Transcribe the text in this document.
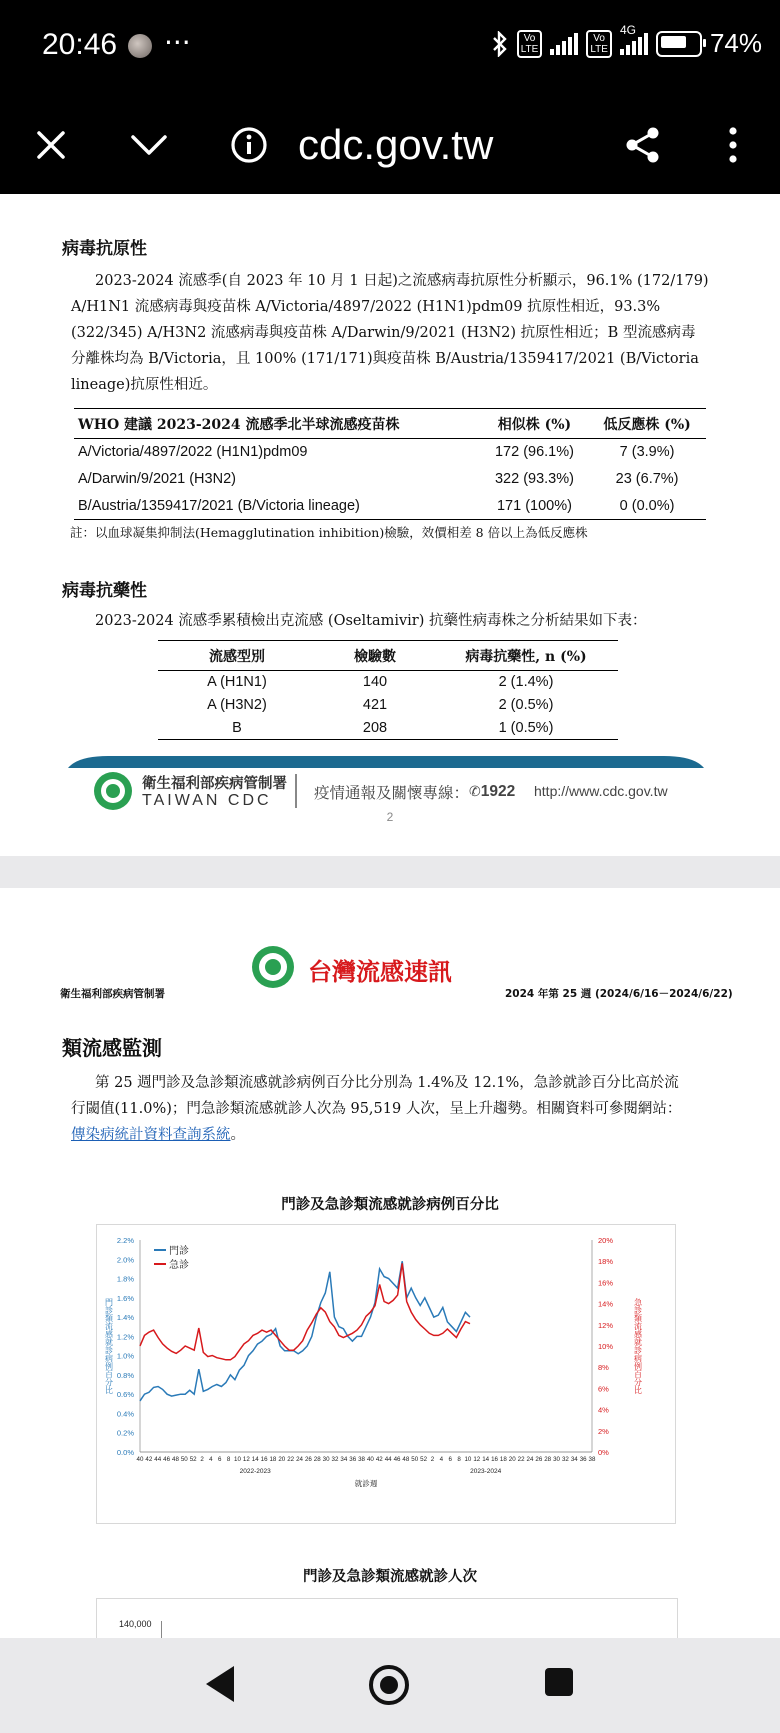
20:46 ···	Vo
LTE
Vo
LTE
4G	74%
cdc.gov.tw
病毒抗原性
2023-2024 流感季(自 2023 年 10 月 1 日起)之流感病毒抗原性分析顯示，96.1% (172/179)
A/H1N1 流感病毒與疫苗株 A/Victoria/4897/2022 (H1N1)pdm09 抗原性相近，93.3%
(322/345) A/H3N2 流感病毒與疫苗株 A/Darwin/9/2021 (H3N2) 抗原性相近；B 型流感病毒
分離株均為 B/Victoria，且 100% (171/171)與疫苗株 B/Austria/1359417/2021 (B/Victoria
lineage)抗原性相近。
WHO 建議 2023-2024 流感季北半球流感疫苗株	相似株 (%)	低反應株 (%)
A/Victoria/4897/2022 (H1N1)pdm09	172 (96.1%)	7 (3.9%)
A/Darwin/9/2021 (H3N2)	322 (93.3%)	23 (6.7%)
B/Austria/1359417/2021 (B/Victoria lineage)	171 (100%)	0 (0.0%)
註：以血球凝集抑制法(Hemagglutination inhibition)檢驗，效價相差 8 倍以上為低反應株
病毒抗藥性
2023-2024 流感季累積檢出克流感 (Oseltamivir) 抗藥性病毒株之分析結果如下表：
流感型別	檢驗數	病毒抗藥性, n (%)
A (H1N1)	140	2 (1.4%)
A (H3N2)	421	2 (0.5%)
B	208	1 (0.5%)
衛生福利部疾病管制署
TAIWAN CDC	疫情通報及關懷專線： ✆ 1922 http://www.cdc.gov.tw
2
台灣流感速訊
衛生福利部疾病管制署	2024 年第 25 週 (2024/6/16－2024/6/22)
類流感監測
第 25 週門診及急診類流感就診病例百分比分別為 1.4%及 12.1%，急診就診百分比高於流
行閾值(11.0%)；門急診類流感就診人次為 95,519 人次，呈上升趨勢。相關資料可參閱網站：
傳染病統計資料查詢系統。
門診及急診類流感就診病例百分比
0.0%
0.2%
0.4%
0.6%
0.8%
1.0%
1.2%
1.4%
1.6%
1.8%
2.0%
2.2%
0%
2%
4%
6%
8%
10%
12%
14%
16%
18%
20%
40 42 44 46 48 50 52 2 4 6 8 10 12 14 16 18 20 22 24 26 28 30 32 34 36 38 40 42 44 46 48 50 52 2 4 6 8 10 12 14 16 18 20 22 24 26 28 30 32 34 36 38
2022-2023	2023-2024
就診週
門診類流感就診病例百分比	急診類流感就診病例百分比
門診
急診
門診及急診類流感就診人次
140,000
